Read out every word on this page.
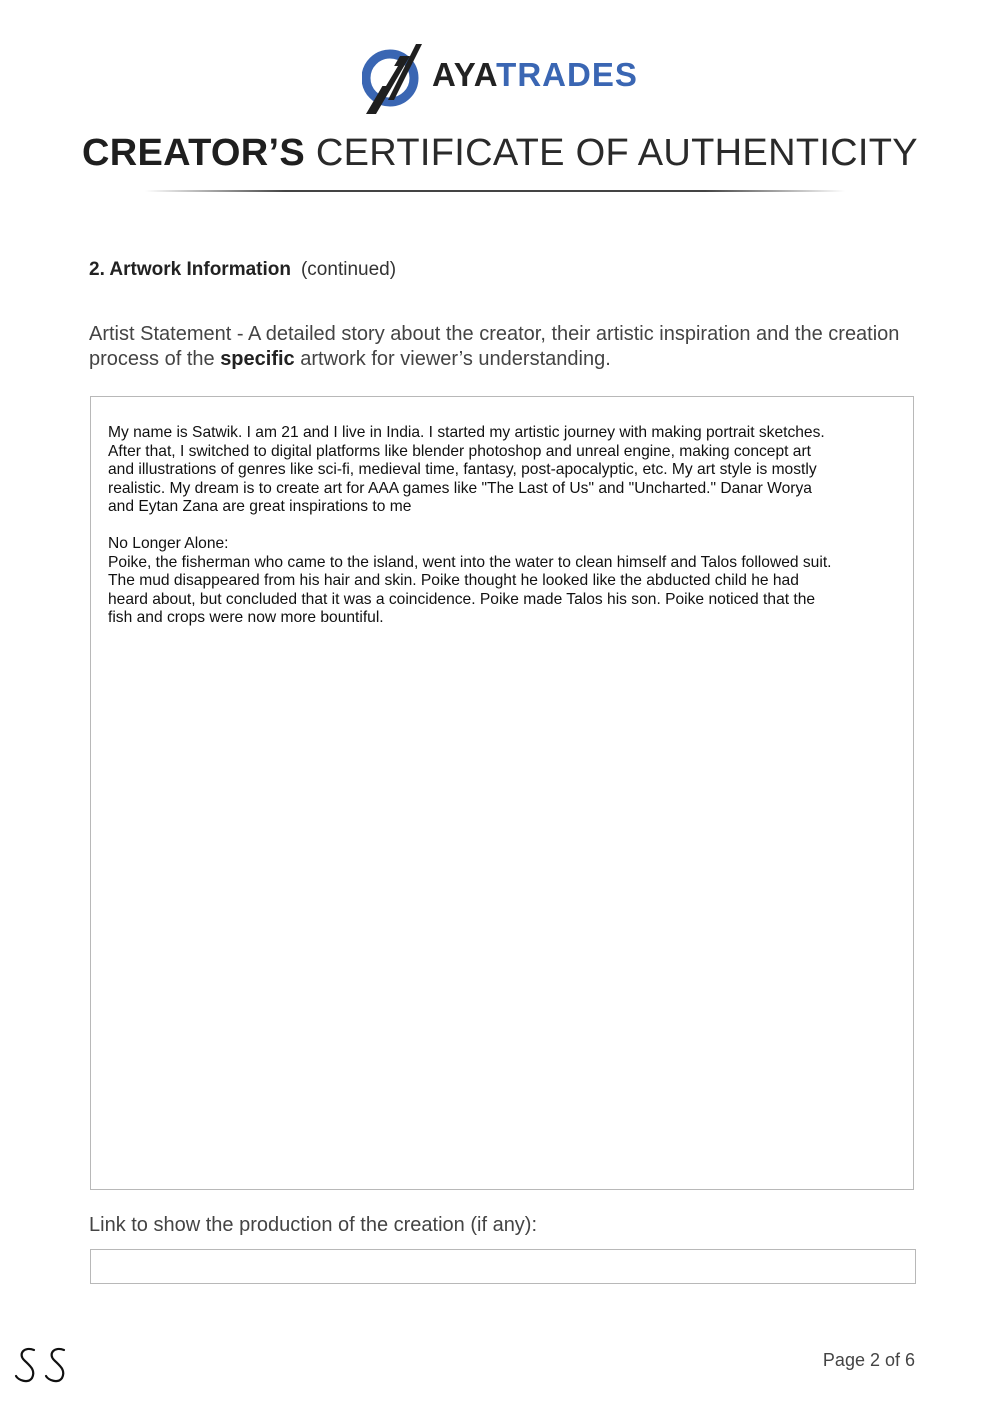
AYATRADES
CREATOR’S CERTIFICATE OF AUTHENTICITY
2. Artwork Information (continued)
Artist Statement - A detailed story about the creator, their artistic inspiration and the creation process of the specific artwork for viewer’s understanding.
My name is Satwik. I am 21 and I live in India. I started my artistic journey with making portrait sketches.
After that, I switched to digital platforms like blender photoshop and unreal engine, making concept art
and illustrations of genres like sci-fi, medieval time, fantasy, post-apocalyptic, etc. My art style is mostly
realistic. My dream is to create art for AAA games like "The Last of Us" and "Uncharted." Danar Worya
and Eytan Zana are great inspirations to me

No Longer Alone:
Poike, the fisherman who came to the island, went into the water to clean himself and Talos followed suit.
The mud disappeared from his hair and skin. Poike thought he looked like the abducted child he had
heard about, but concluded that it was a coincidence. Poike made Talos his son. Poike noticed that the
fish and crops were now more bountiful.
Link to show the production of the creation (if any):
Page 2 of 6
